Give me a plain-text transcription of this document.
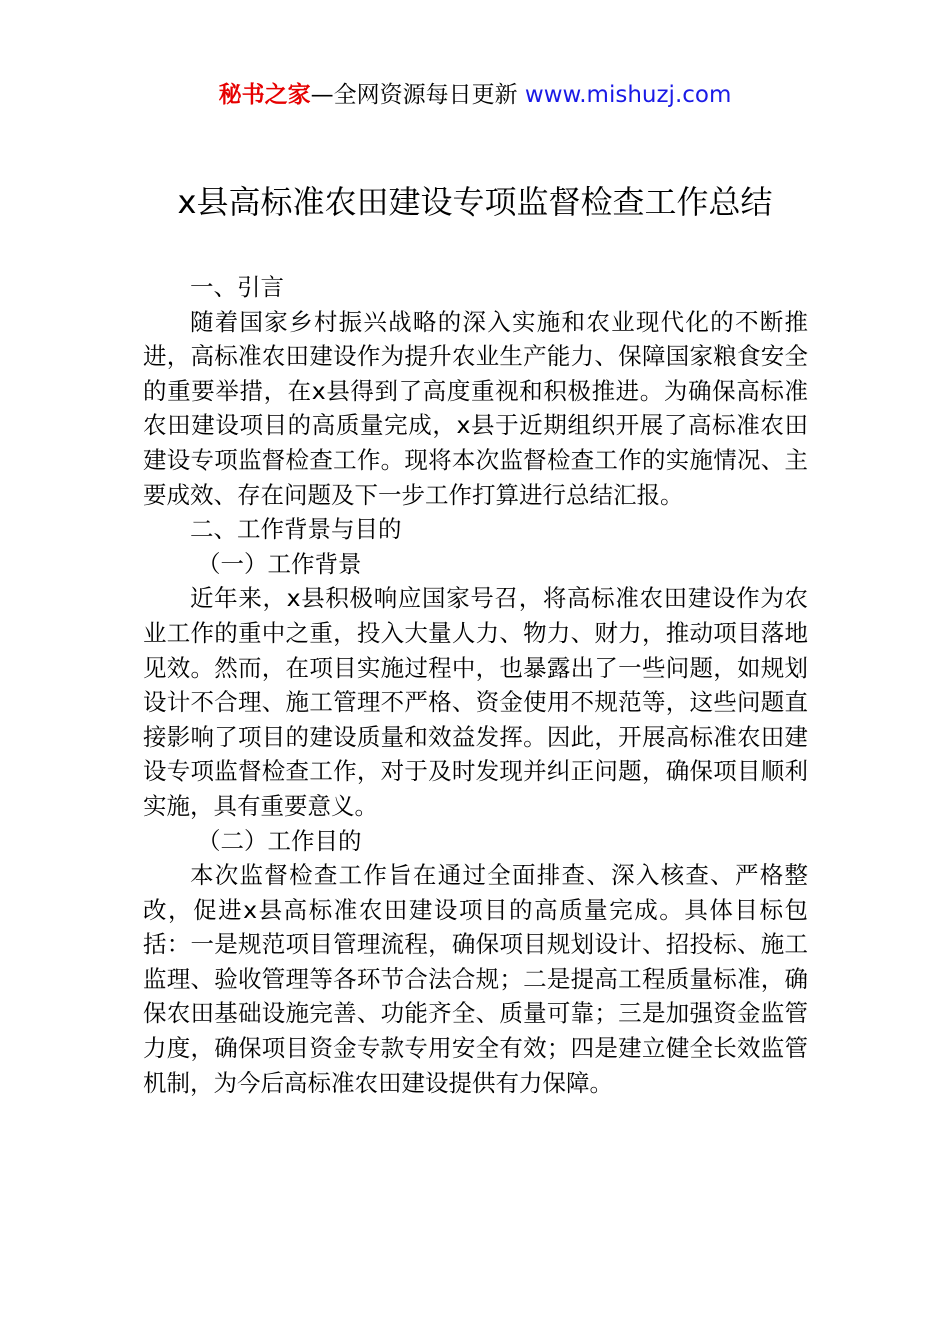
秘书之家—全网资源每日更新 www.mishuzj.com
x县高标准农田建设专项监督检查工作总结

一、引言

随着国家乡村振兴战略的深入实施和农业现代化的不断推进，高标准农田建设作为提升农业生产能力、保障国家粮食安全的重要举措，在x县得到了高度重视和积极推进。为确保高标准农田建设项目的高质量完成，x县于近期组织开展了高标准农田建设专项监督检查工作。现将本次监督检查工作的实施情况、主要成效、存在问题及下一步工作打算进行总结汇报。

二、工作背景与目的

（一）工作背景

近年来，x县积极响应国家号召，将高标准农田建设作为农业工作的重中之重，投入大量人力、物力、财力，推动项目落地见效。然而，在项目实施过程中，也暴露出了一些问题，如规划设计不合理、施工管理不严格、资金使用不规范等，这些问题直接影响了项目的建设质量和效益发挥。因此，开展高标准农田建设专项监督检查工作，对于及时发现并纠正问题，确保项目顺利实施，具有重要意义。

（二）工作目的

本次监督检查工作旨在通过全面排查、深入核查、严格整改，促进x县高标准农田建设项目的高质量完成。具体目标包括：一是规范项目管理流程，确保项目规划设计、招投标、施工监理、验收管理等各环节合法合规；二是提高工程质量标准，确保农田基础设施完善、功能齐全、质量可靠；三是加强资金监管力度，确保项目资金专款专用安全有效；四是建立健全长效监管机制，为今后高标准农田建设提供有力保障。
